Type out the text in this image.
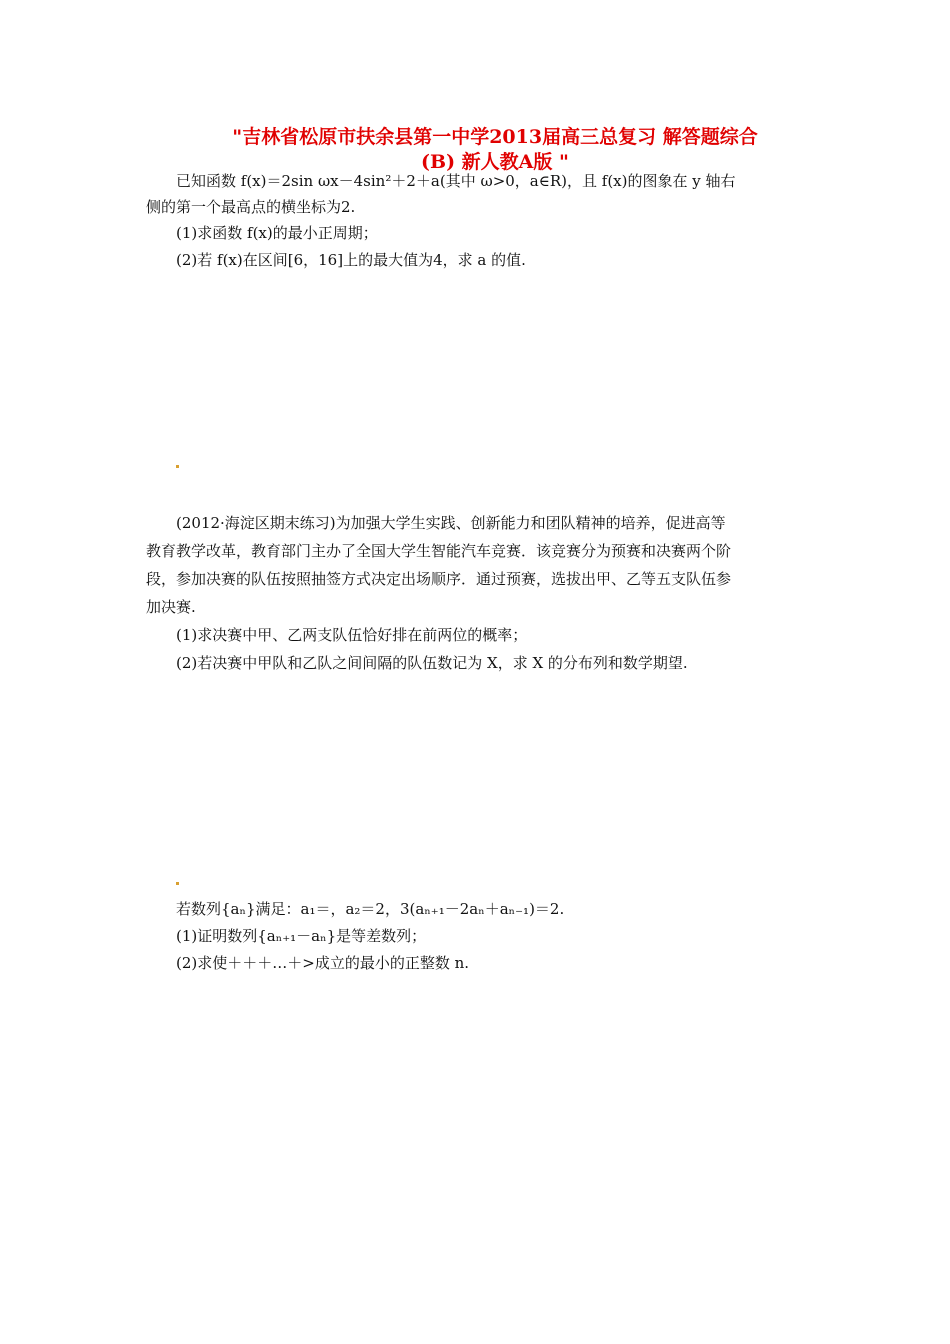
"吉林省松原市扶余县第一中学2013届高三总复习 解答题综合
(B) 新人教A版 "
已知函数 f(x)＝2sin ωx－4sin²＋2＋a(其中 ω>0，a∈R)，且 f(x)的图象在 y 轴右
侧的第一个最高点的横坐标为2.
(1)求函数 f(x)的最小正周期；
(2)若 f(x)在区间[6，16]上的最大值为4，求 a 的值.
(2012·海淀区期末练习)为加强大学生实践、创新能力和团队精神的培养，促进高等
教育教学改革，教育部门主办了全国大学生智能汽车竞赛．该竞赛分为预赛和决赛两个阶
段，参加决赛的队伍按照抽签方式决定出场顺序．通过预赛，选拔出甲、乙等五支队伍参
加决赛.
(1)求决赛中甲、乙两支队伍恰好排在前两位的概率；
(2)若决赛中甲队和乙队之间间隔的队伍数记为 X，求 X 的分布列和数学期望.
若数列{aₙ}满足：a₁＝，a₂＝2，3(aₙ₊₁－2aₙ＋aₙ₋₁)＝2.
(1)证明数列{aₙ₊₁－aₙ}是等差数列；
(2)求使＋＋＋…＋>成立的最小的正整数 n.
